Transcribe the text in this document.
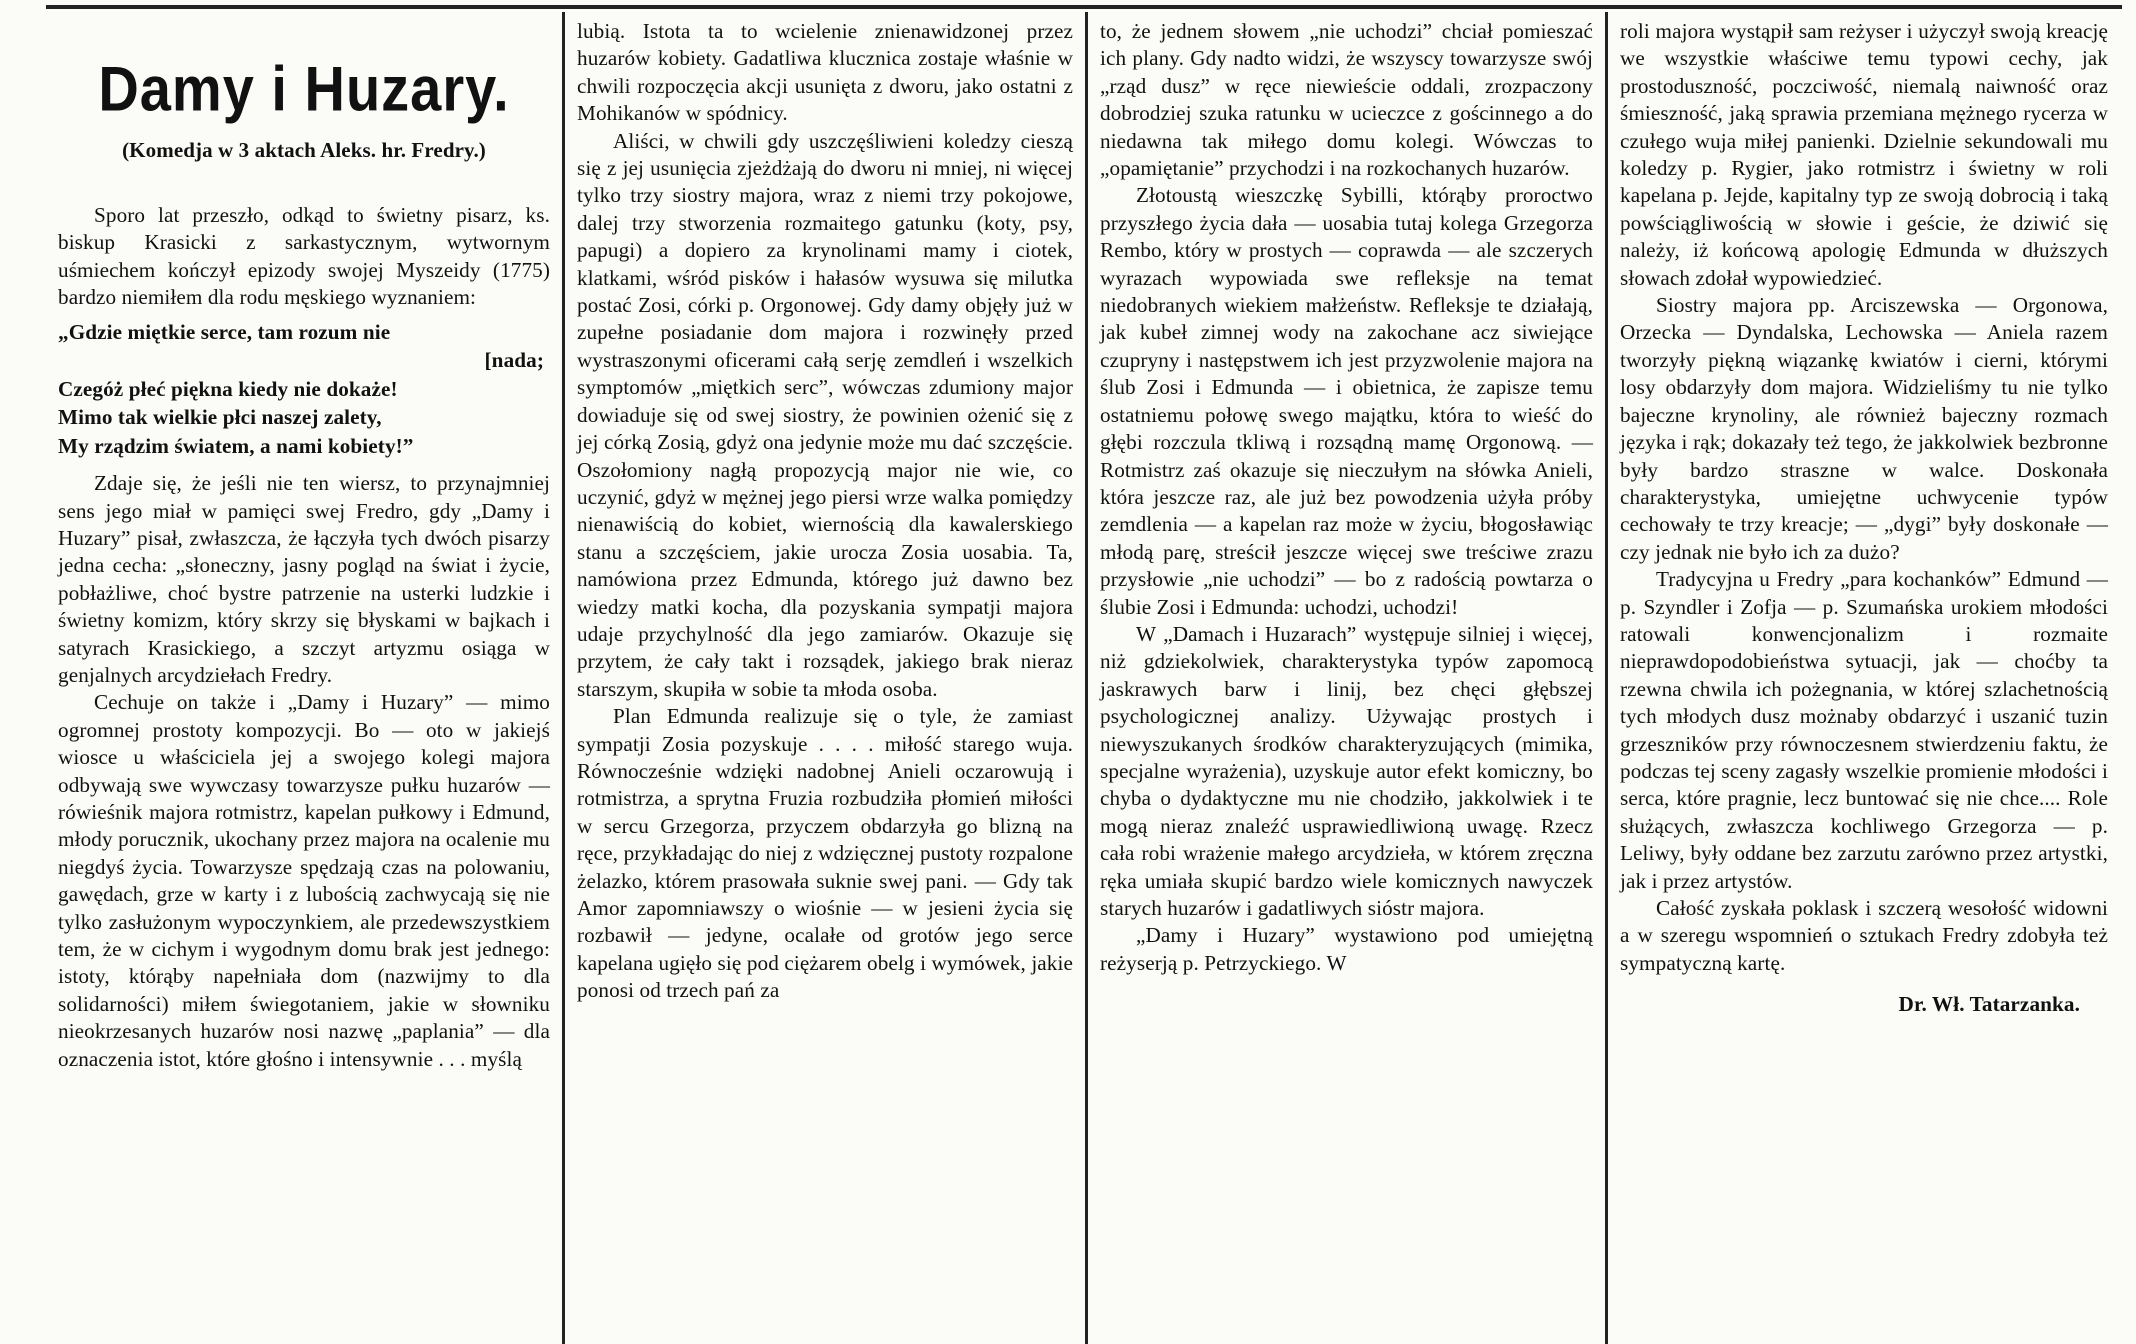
Damy i Huzary.
(Komedja w 3 aktach Aleks. hr. Fredry.)

Sporo lat przeszło, odkąd to świetny pisarz, ks. biskup Krasicki z sarkastycznym, wytwornym uśmiechem kończył epizody swojej Myszeidy (1775) bardzo niemiłem dla rodu męskiego wyznaniem:

„Gdzie miętkie serce, tam rozum nie
[nada;
Czegóż płeć piękna kiedy nie dokaże!
Mimo tak wielkie płci naszej zalety,
My rządzim światem, a nami kobiety!”

Zdaje się, że jeśli nie ten wiersz, to przynajmniej sens jego miał w pamięci swej Fredro, gdy „Damy i Huzary” pisał, zwłaszcza, że łączyła tych dwóch pisarzy jedna cecha: „słoneczny, jasny pogląd na świat i życie, pobłażliwe, choć bystre patrzenie na usterki ludzkie i świetny komizm, który skrzy się błyskami w bajkach i satyrach Krasickiego, a szczyt artyzmu osiąga w genjalnych arcydziełach Fredry.

Cechuje on także i „Damy i Huzary” — mimo ogromnej prostoty kompozycji. Bo — oto w jakiejś wiosce u właściciela jej a swojego kolegi majora odbywają swe wywczasy towarzysze pułku huzarów — rówieśnik majora rotmistrz, kapelan pułkowy i Edmund, młody porucznik, ukochany przez majora na ocalenie mu niegdyś życia. Towarzysze spędzają czas na polowaniu, gawędach, grze w karty i z lubością zachwycają się nie tylko zasłużonym wypoczynkiem, ale przedewszystkiem tem, że w cichym i wygodnym domu brak jest jednego: istoty, którąby napełniała dom (nazwijmy to dla solidarności) miłem świegotaniem, jakie w słowniku nieokrzesanych huzarów nosi nazwę „paplania” — dla oznaczenia istot, które głośno i intensywnie . . . myślą

lubią. Istota ta to wcielenie znienawidzonej przez huzarów kobiety. Gadatliwa klucznica zostaje właśnie w chwili rozpoczęcia akcji usunięta z dworu, jako ostatni z Mohikanów w spódnicy.

Aliści, w chwili gdy uszczęśliwieni koledzy cieszą się z jej usunięcia zjeżdżają do dworu ni mniej, ni więcej tylko trzy siostry majora, wraz z niemi trzy pokojowe, dalej trzy stworzenia rozmaitego gatunku (koty, psy, papugi) a dopiero za krynolinami mamy i ciotek, klatkami, wśród pisków i hałasów wysuwa się milutka postać Zosi, córki p. Orgonowej. Gdy damy objęły już w zupełne posiadanie dom majora i rozwinęły przed wystraszonymi oficerami całą serję zemdleń i wszelkich symptomów „miętkich serc”, wówczas zdumiony major dowiaduje się od swej siostry, że powinien ożenić się z jej córką Zosią, gdyż ona jedynie może mu dać szczęście. Oszołomiony nagłą propozycją major nie wie, co uczynić, gdyż w mężnej jego piersi wrze walka pomiędzy nienawiścią do kobiet, wiernością dla kawalerskiego stanu a szczęściem, jakie urocza Zosia uosabia. Ta, namówiona przez Edmunda, którego już dawno bez wiedzy matki kocha, dla pozyskania sympatji majora udaje przychylność dla jego zamiarów. Okazuje się przytem, że cały takt i rozsądek, jakiego brak nieraz starszym, skupiła w sobie ta młoda osoba.

Plan Edmunda realizuje się o tyle, że zamiast sympatji Zosia pozyskuje . . . . miłość starego wuja. Równocześnie wdzięki nadobnej Anieli oczarowują i rotmistrza, a sprytna Fruzia rozbudziła płomień miłości w sercu Grzegorza, przyczem obdarzyła go blizną na ręce, przykładając do niej z wdzięcznej pustoty rozpalone żelazko, którem prasowała suknie swej pani. — Gdy tak Amor zapomniawszy o wiośnie — w jesieni życia się rozbawił — jedyne, ocalałe od grotów jego serce kapelana ugięło się pod ciężarem obelg i wymówek, jakie ponosi od trzech pań za

to, że jednem słowem „nie uchodzi” chciał pomieszać ich plany. Gdy nadto widzi, że wszyscy towarzysze swój „rząd dusz” w ręce niewieście oddali, zrozpaczony dobrodziej szuka ratunku w ucieczce z gościnnego a do niedawna tak miłego domu kolegi. Wówczas to „opamiętanie” przychodzi i na rozkochanych huzarów.

Złotoustą wieszczkę Sybilli, którąby proroctwo przyszłego życia dała — uosabia tutaj kolega Grzegorza Rembo, który w prostych — coprawda — ale szczerych wyrazach wypowiada swe refleksje na temat niedobranych wiekiem małżeństw. Refleksje te działają, jak kubeł zimnej wody na zakochane acz siwiejące czupryny i następstwem ich jest przyzwolenie majora na ślub Zosi i Edmunda — i obietnica, że zapisze temu ostatniemu połowę swego majątku, która to wieść do głębi rozczula tkliwą i rozsądną mamę Orgonową. — Rotmistrz zaś okazuje się nieczułym na słówka Anieli, która jeszcze raz, ale już bez powodzenia użyła próby zemdlenia — a kapelan raz może w życiu, błogosławiąc młodą parę, streścił jeszcze więcej swe treściwe zrazu przysłowie „nie uchodzi” — bo z radością powtarza o ślubie Zosi i Edmunda: uchodzi, uchodzi!

W „Damach i Huzarach” występuje silniej i więcej, niż gdziekolwiek, charakterystyka typów zapomocą jaskrawych barw i linij, bez chęci głębszej psychologicznej analizy. Używając prostych i niewyszukanych środków charakteryzujących (mimika, specjalne wyrażenia), uzyskuje autor efekt komiczny, bo chyba o dydaktyczne mu nie chodziło, jakkolwiek i te mogą nieraz znaleźć usprawiedliwioną uwagę. Rzecz cała robi wrażenie małego arcydzieła, w którem zręczna ręka umiała skupić bardzo wiele komicznych nawyczek starych huzarów i gadatliwych sióstr majora.

„Damy i Huzary” wystawiono pod umiejętną reżyserją p. Petrzyckiego. W

roli majora wystąpił sam reżyser i użyczył swoją kreację we wszystkie właściwe temu typowi cechy, jak prostoduszność, poczciwość, niemalą naiwność oraz śmieszność, jaką sprawia przemiana mężnego rycerza w czułego wuja miłej panienki. Dzielnie sekundowali mu koledzy p. Rygier, jako rotmistrz i świetny w roli kapelana p. Jejde, kapitalny typ ze swoją dobrocią i taką powściągliwością w słowie i geście, że dziwić się należy, iż końcową apologię Edmunda w dłuższych słowach zdołał wypowiedzieć.

Siostry majora pp. Arciszewska — Orgonowa, Orzecka — Dyndalska, Lechowska — Aniela razem tworzyły piękną wiązankę kwiatów i cierni, którymi losy obdarzyły dom majora. Widzieliśmy tu nie tylko bajeczne krynoliny, ale również bajeczny rozmach języka i rąk; dokazały też tego, że jakkolwiek bezbronne były bardzo straszne w walce. Doskonała charakterystyka, umiejętne uchwycenie typów cechowały te trzy kreacje; — „dygi” były doskonałe — czy jednak nie było ich za dużo?

Tradycyjna u Fredry „para kochanków” Edmund — p. Szyndler i Zofja — p. Szumańska urokiem młodości ratowali konwencjonalizm i rozmaite nieprawdopodobieństwa sytuacji, jak — choćby ta rzewna chwila ich pożegnania, w której szlachetnością tych młodych dusz możnaby obdarzyć i uszanić tuzin grzeszników przy równoczesnem stwierdzeniu faktu, że podczas tej sceny zagasły wszelkie promienie młodości i serca, które pragnie, lecz buntować się nie chce.... Role służących, zwłaszcza kochliwego Grzegorza — p. Leliwy, były oddane bez zarzutu zarówno przez artystki, jak i przez artystów.

Całość zyskała poklask i szczerą wesołość widowni a w szeregu wspomnień o sztukach Fredry zdobyła też sympatyczną kartę.

Dr. Wł. Tatarzanka.
